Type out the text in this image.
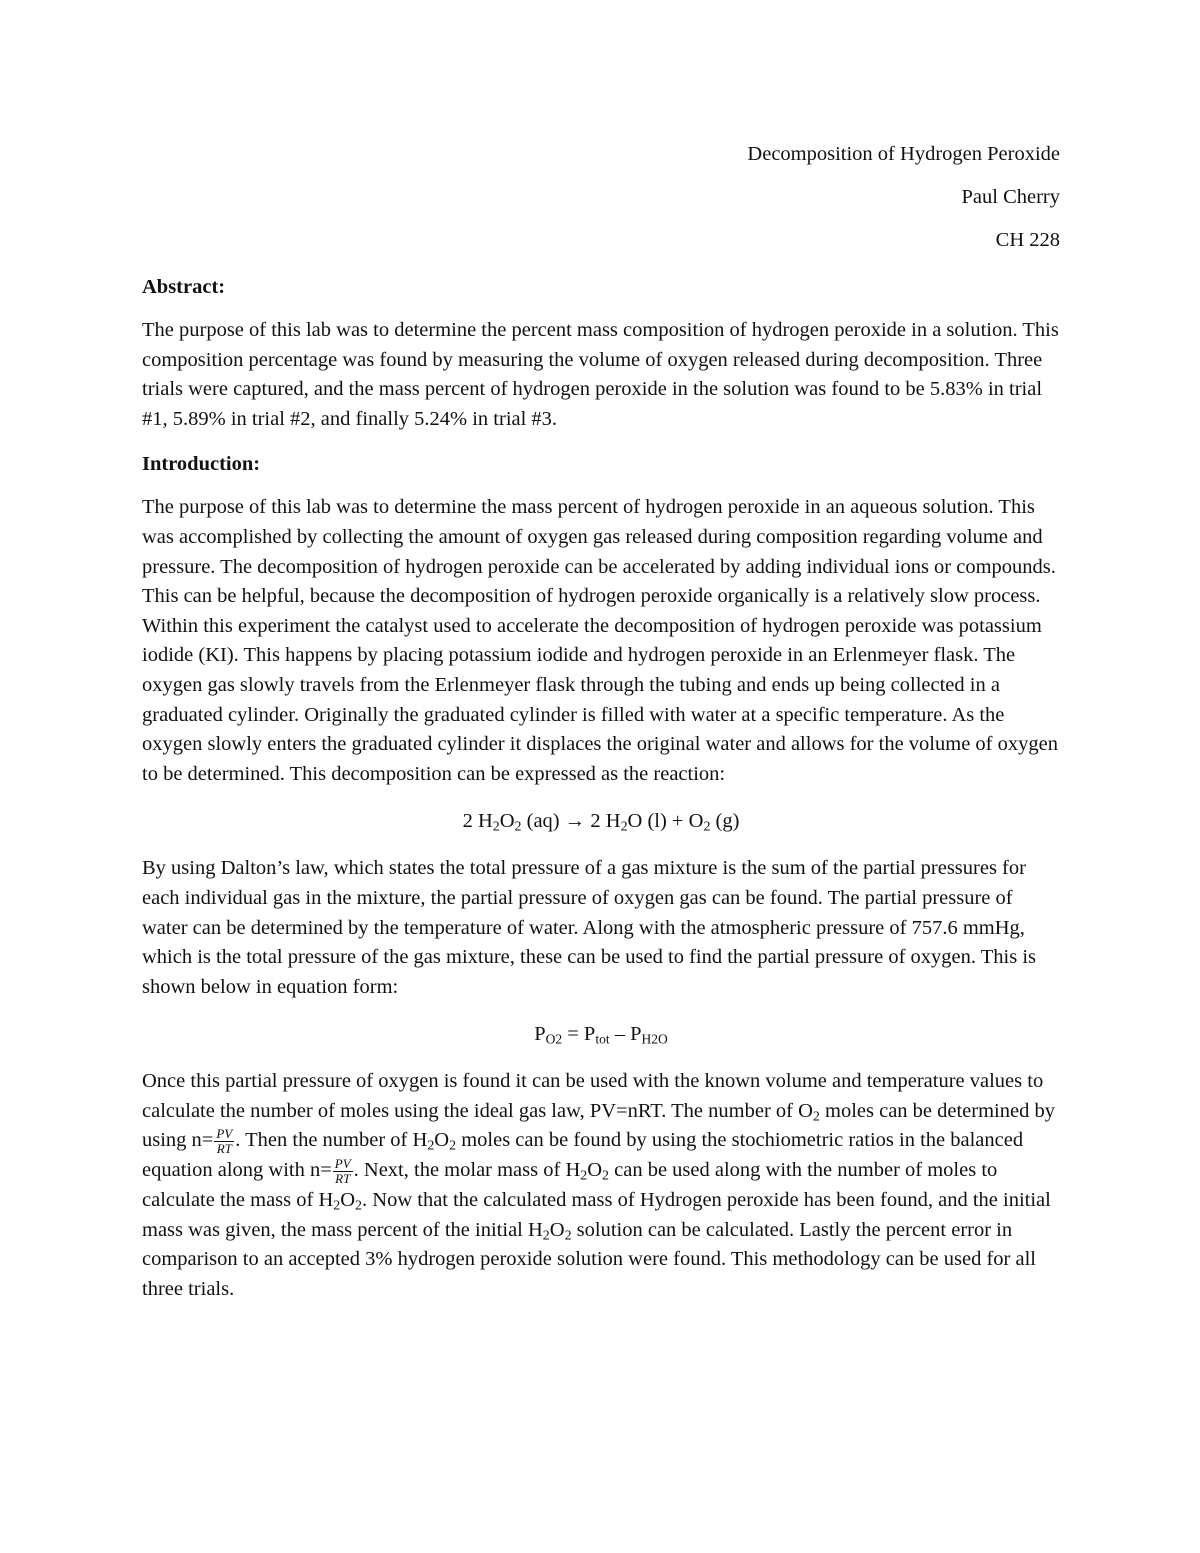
Decomposition of Hydrogen Peroxide

Paul Cherry

CH 228

Abstract:

The purpose of this lab was to determine the percent mass composition of hydrogen peroxide in a solution. This composition percentage was found by measuring the volume of oxygen released during decomposition. Three trials were captured, and the mass percent of hydrogen peroxide in the solution was found to be 5.83% in trial #1, 5.89% in trial #2, and finally 5.24% in trial #3.

Introduction:

The purpose of this lab was to determine the mass percent of hydrogen peroxide in an aqueous solution. This was accomplished by collecting the amount of oxygen gas released during composition regarding volume and pressure. The decomposition of hydrogen peroxide can be accelerated by adding individual ions or compounds. This can be helpful, because the decomposition of hydrogen peroxide organically is a relatively slow process. Within this experiment the catalyst used to accelerate the decomposition of hydrogen peroxide was potassium iodide (KI). This happens by placing potassium iodide and hydrogen peroxide in an Erlenmeyer flask. The oxygen gas slowly travels from the Erlenmeyer flask through the tubing and ends up being collected in a graduated cylinder. Originally the graduated cylinder is filled with water at a specific temperature. As the oxygen slowly enters the graduated cylinder it displaces the original water and allows for the volume of oxygen to be determined. This decomposition can be expressed as the reaction:

2 $H_2O_2$ (aq) → 2 $H_2O$ $(l) + O_2$ (g)

By using Dalton’s law, which states the total pressure of a gas mixture is the sum of the partial pressures for each individual gas in the mixture, the partial pressure of oxygen gas can be found. The partial pressure of water can be determined by the temperature of water. Along with the atmospheric pressure of 757.6 mmHg, which is the total pressure of the gas mixture, these can be used to find the partial pressure of oxygen. This is shown below in equation form:

PO2 = Ptot – PH2O

Once this partial pressure of oxygen is found it can be used with the known volume and temperature values to calculate the number of moles using the ideal gas law, PV=nRT. The number of $O_2$ moles can be determined by using $n= \frac{PV}{RT}$ . Then the number of $H_2O_2$ moles can be found by using the stochiometric ratios in the balanced equation along with $n= \frac{PV}{RT}$ . Next, the molar mass of $H_2O_2$ can be used along with the number of moles to calculate the mass of $H_2O_2$. Now that the calculated mass of Hydrogen peroxide has been found, and the initial mass was given, the mass percent of the initial $H_2O_2$ solution can be calculated. Lastly the percent error in comparison to an accepted 3% hydrogen peroxide solution were found. This methodology can be used for all three trials.
